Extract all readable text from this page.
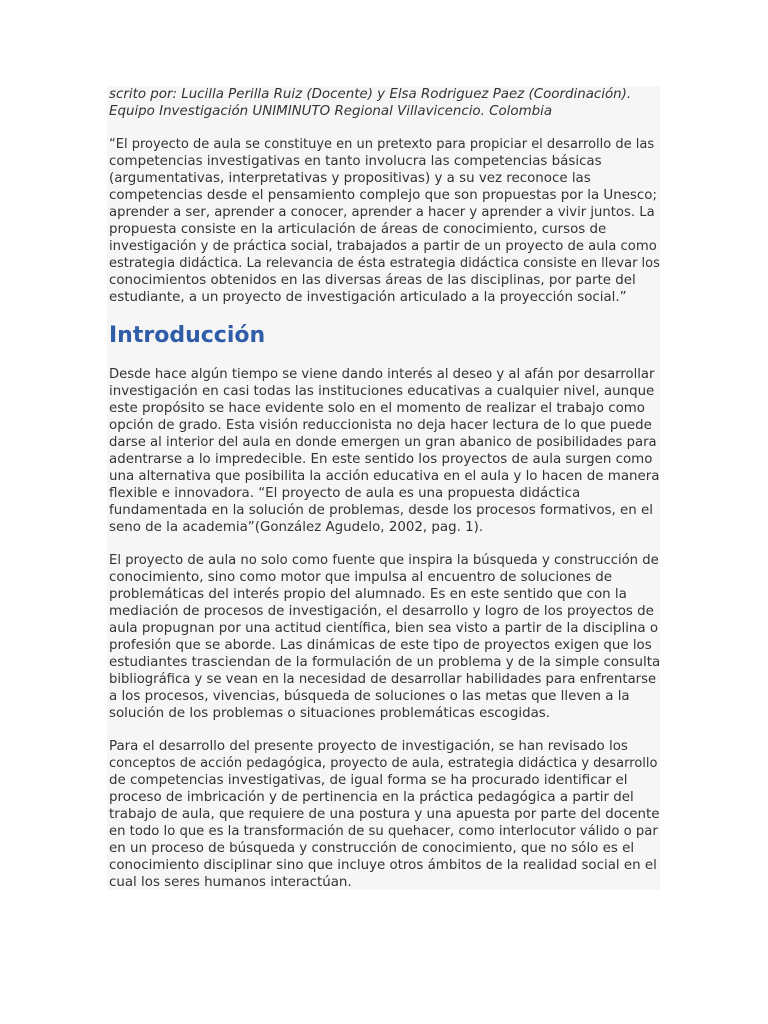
scrito por: Lucilla Perilla Ruiz (Docente) y Elsa Rodriguez Paez (Coordinación).
Equipo Investigación UNIMINUTO Regional Villavicencio. Colombia
“El proyecto de aula se constituye en un pretexto para propiciar el desarrollo de las
competencias investigativas en tanto involucra las competencias básicas
(argumentativas, interpretativas y propositivas) y a su vez reconoce las
competencias desde el pensamiento complejo que son propuestas por la Unesco;
aprender a ser, aprender a conocer, aprender a hacer y aprender a vivir juntos. La
propuesta consiste en la articulación de áreas de conocimiento, cursos de
investigación y de práctica social, trabajados a partir de un proyecto de aula como
estrategia didáctica. La relevancia de ésta estrategia didáctica consiste en llevar los
conocimientos obtenidos en las diversas áreas de las disciplinas, por parte del
estudiante, a un proyecto de investigación articulado a la proyección social.”
Introducción
Desde hace algún tiempo se viene dando interés al deseo y al afán por desarrollar
investigación en casi todas las instituciones educativas a cualquier nivel, aunque
este propósito se hace evidente solo en el momento de realizar el trabajo como
opción de grado. Esta visión reduccionista no deja hacer lectura de lo que puede
darse al interior del aula en donde emergen un gran abanico de posibilidades para
adentrarse a lo impredecible. En este sentido los proyectos de aula surgen como
una alternativa que posibilita la acción educativa en el aula y lo hacen de manera
flexible e innovadora. “El proyecto de aula es una propuesta didáctica
fundamentada en la solución de problemas, desde los procesos formativos, en el
seno de la academia”(González Agudelo, 2002, pag. 1).
El proyecto de aula no solo como fuente que inspira la búsqueda y construcción de
conocimiento, sino como motor que impulsa al encuentro de soluciones de
problemáticas del interés propio del alumnado. Es en este sentido que con la
mediación de procesos de investigación, el desarrollo y logro de los proyectos de
aula propugnan por una actitud científica, bien sea visto a partir de la disciplina o
profesión que se aborde. Las dinámicas de este tipo de proyectos exigen que los
estudiantes trasciendan de la formulación de un problema y de la simple consulta
bibliográfica y se vean en la necesidad de desarrollar habilidades para enfrentarse
a los procesos, vivencias, búsqueda de soluciones o las metas que lleven a la
solución de los problemas o situaciones problemáticas escogidas.
Para el desarrollo del presente proyecto de investigación, se han revisado los
conceptos de acción pedagógica, proyecto de aula, estrategia didáctica y desarrollo
de competencias investigativas, de igual forma se ha procurado identificar el
proceso de imbricación y de pertinencia en la práctica pedagógica a partir del
trabajo de aula, que requiere de una postura y una apuesta por parte del docente
en todo lo que es la transformación de su quehacer, como interlocutor válido o par
en un proceso de búsqueda y construcción de conocimiento, que no sólo es el
conocimiento disciplinar sino que incluye otros ámbitos de la realidad social en el
cual los seres humanos interactúan.
